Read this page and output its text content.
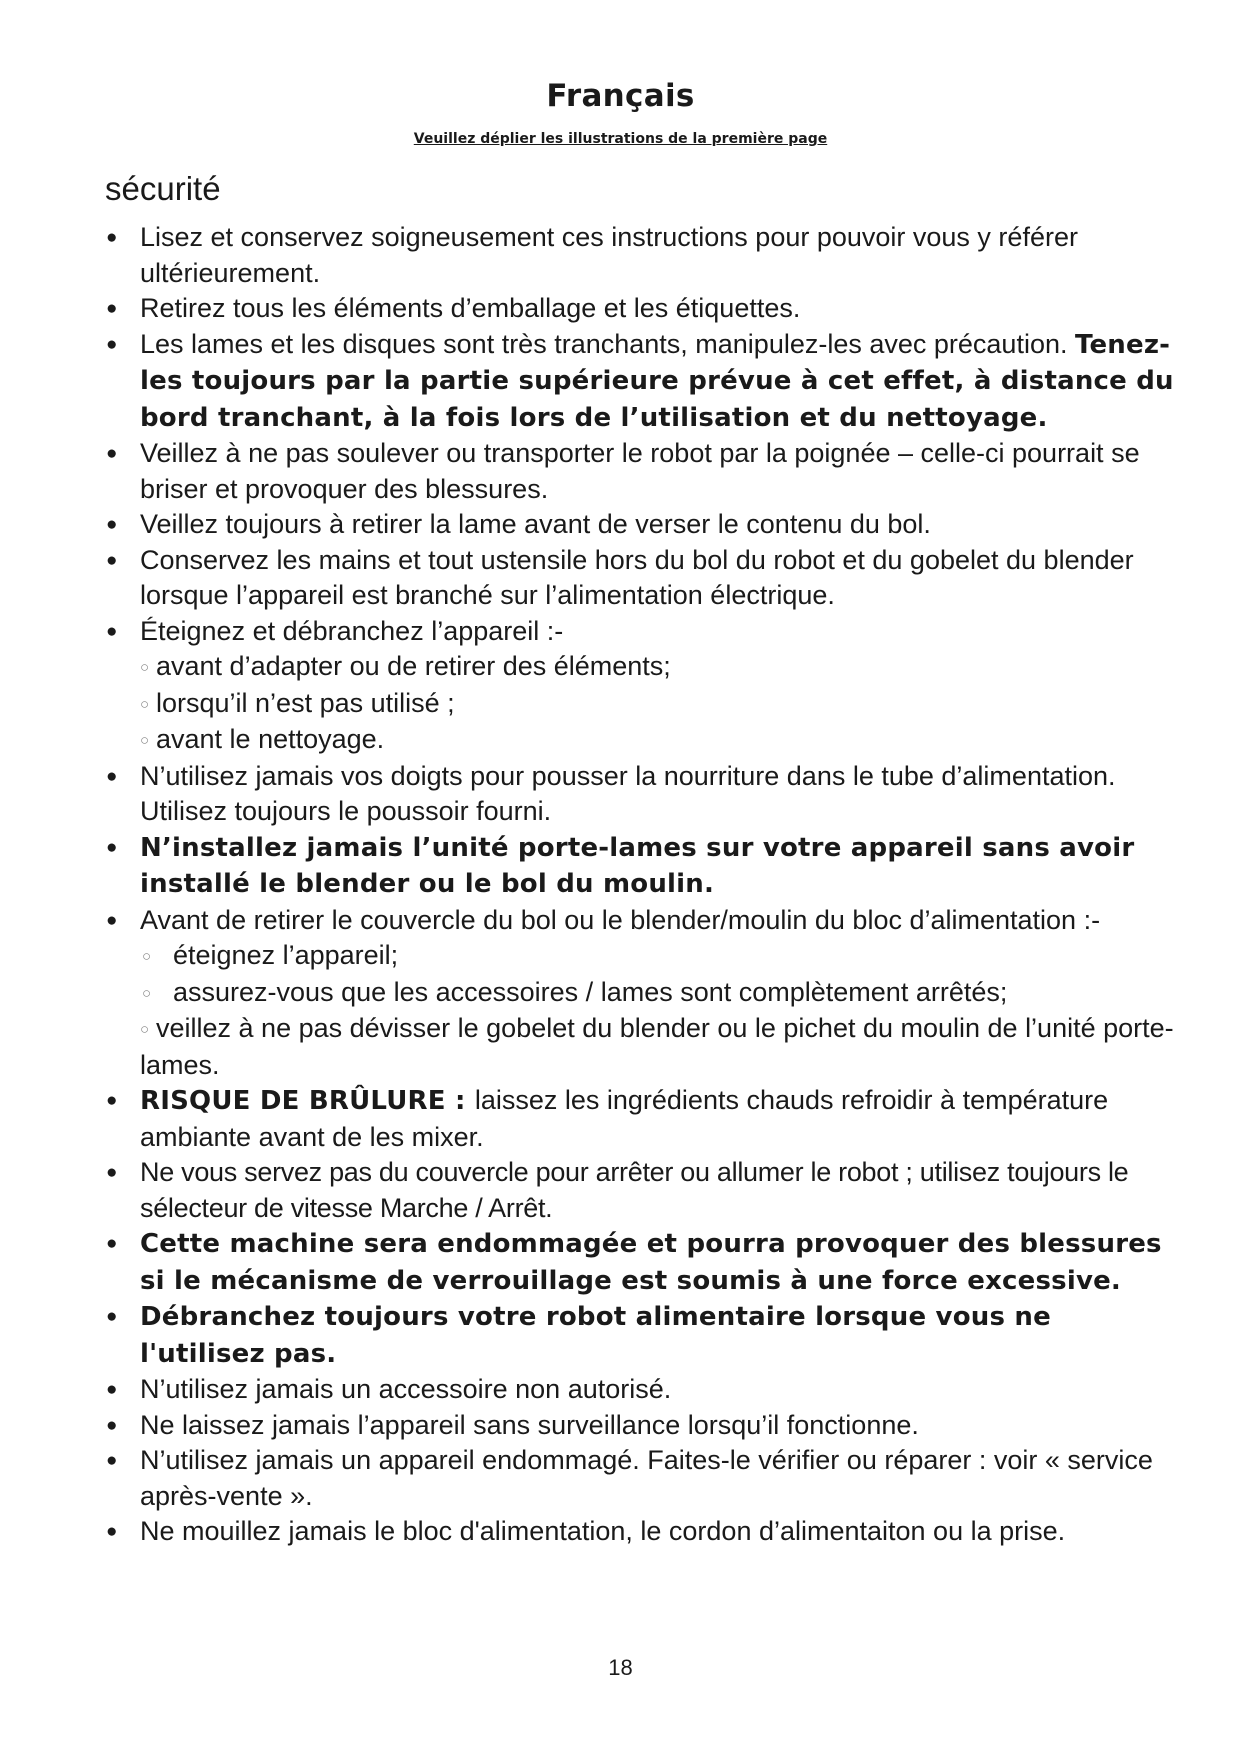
Français
Veuillez déplier les illustrations de la première page
sécurité
● Lisez et conservez soigneusement ces instructions pour pouvoir vous y référer ultérieurement.
● Retirez tous les éléments d’emballage et les étiquettes.
● Les lames et les disques sont très tranchants, manipulez-les avec précaution. Tenez-les toujours par la partie supérieure prévue à cet effet, à distance du bord tranchant, à la fois lors de l’utilisation et du nettoyage.
● Veillez à ne pas soulever ou transporter le robot par la poignée – celle-ci pourrait se briser et provoquer des blessures.
● Veillez toujours à retirer la lame avant de verser le contenu du bol.
● Conservez les mains et tout ustensile hors du bol du robot et du gobelet du blender lorsque l’appareil est branché sur l’alimentation électrique.
● Éteignez et débranchez l’appareil :-
○ avant d’adapter ou de retirer des éléments;
○ lorsqu’il n’est pas utilisé ;
○ avant le nettoyage.
● N’utilisez jamais vos doigts pour pousser la nourriture dans le tube d’alimentation. Utilisez toujours le poussoir fourni.
● N’installez jamais l’unité porte-lames sur votre appareil sans avoir installé le blender ou le bol du moulin.
● Avant de retirer le couvercle du bol ou le blender/moulin du bloc d’alimentation :-
○ éteignez l’appareil;
○ assurez-vous que les accessoires / lames sont complètement arrêtés;
○ veillez à ne pas dévisser le gobelet du blender ou le pichet du moulin de l’unité porte-lames.
● RISQUE DE BRÛLURE : laissez les ingrédients chauds refroidir à température ambiante avant de les mixer.
● Ne vous servez pas du couvercle pour arrêter ou allumer le robot ; utilisez toujours le sélecteur de vitesse Marche / Arrêt.
● Cette machine sera endommagée et pourra provoquer des blessures si le mécanisme de verrouillage est soumis à une force excessive.
● Débranchez toujours votre robot alimentaire lorsque vous ne l'utilisez pas.
● N’utilisez jamais un accessoire non autorisé.
● Ne laissez jamais l’appareil sans surveillance lorsqu’il fonctionne.
● N’utilisez jamais un appareil endommagé. Faites-le vérifier ou réparer : voir « service après-vente ».
● Ne mouillez jamais le bloc d'alimentation, le cordon d’alimentaiton ou la prise.
18
